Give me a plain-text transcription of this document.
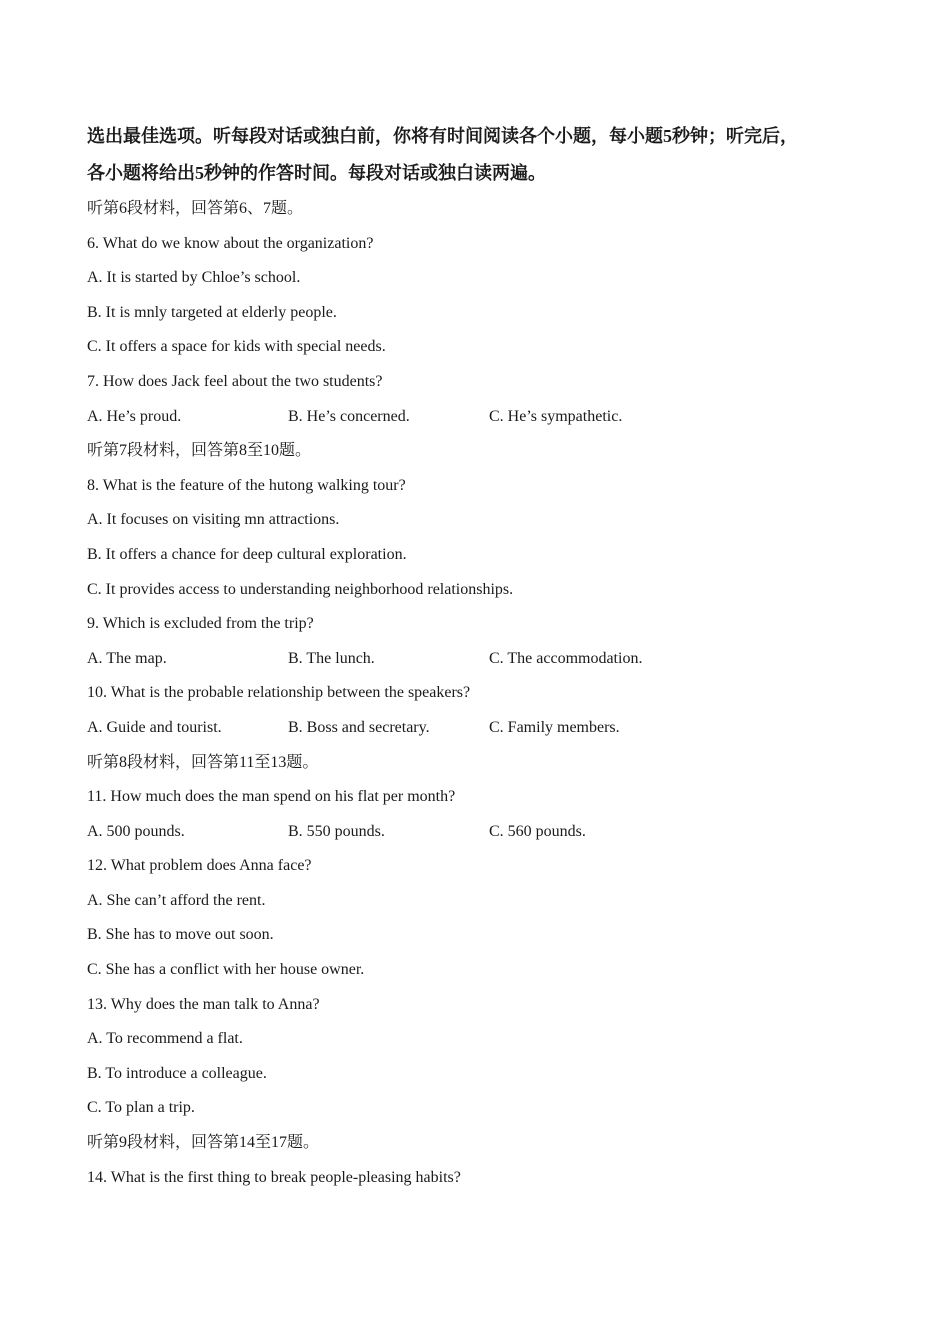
选出最佳选项。听每段对话或独白前，你将有时间阅读各个小题，每小题5秒钟；听完后，

各小题将给出5秒钟的作答时间。每段对话或独白读两遍。

听第6段材料，回答第6、7题。
6. What do we know about the organization?
A. It is started by Chloe’s school.
B. It is mnly targeted at elderly people.
C. It offers a space for kids with special needs.
7. How does Jack feel about the two students?
A. He’s proud.	B. He’s concerned.	C. He’s sympathetic.
听第7段材料，回答第8至10题。
8. What is the feature of the hutong walking tour?
A. It focuses on visiting mn attractions.
B. It offers a chance for deep cultural exploration.
C. It provides access to understanding neighborhood relationships.
9. Which is excluded from the trip?
A. The map.	B. The lunch.	C. The accommodation.
10. What is the probable relationship between the speakers?
A. Guide and tourist.	B. Boss and secretary.	C. Family members.
听第8段材料，回答第11至13题。
11. How much does the man spend on his flat per month?
A. 500 pounds.	B. 550 pounds.	C. 560 pounds.
12. What problem does Anna face?
A. She can’t afford the rent.
B. She has to move out soon.
C. She has a conflict with her house owner.
13. Why does the man talk to Anna?
A. To recommend a flat.
B. To introduce a colleague.
C. To plan a trip.
听第9段材料，回答第14至17题。
14. What is the first thing to break people-pleasing habits?
